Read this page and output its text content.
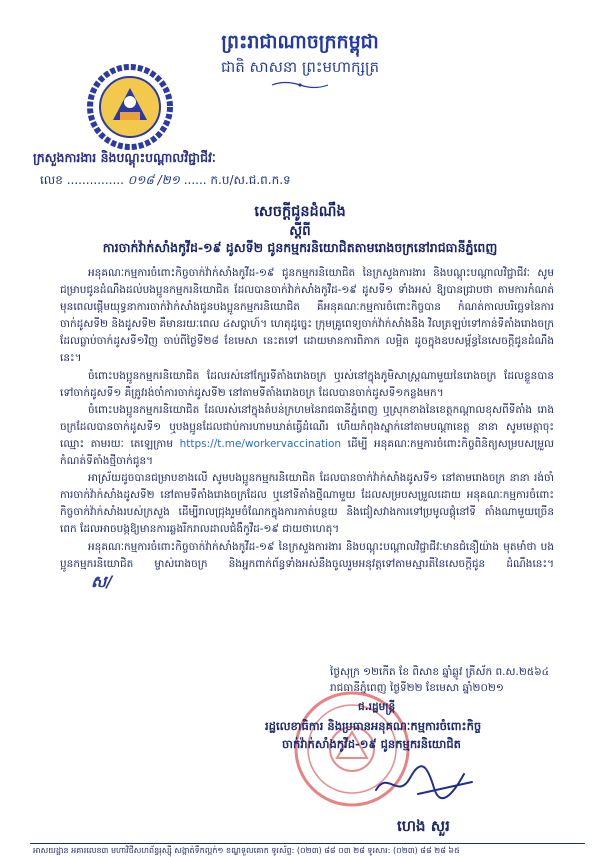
ព្រះរាជាណាចក្រកម្ពុជា
ជាតិ សាសនា ព្រះមហាក្សត្រ
ក្រសួងការងារ និងបណ្តុះបណ្តាលវិជ្ជាជីវៈ
លេខ ............... ០១៨ /២១ ...... ក.ប/ស.ជ.ព.ក.ទ
សេចក្តីជូនដំណឹង
ស្តីពី
ការចាក់វ៉ាក់សាំងកូវីដ-១៩ ដូសទី២ ជូនកម្មករនិយោជិតតាមរោងចក្រនៅរាជធានីភ្នំពេញ

អនុគណៈកម្មការចំពោះកិច្ចចាក់វ៉ាក់សាំងកូវីដ-១៩ ជូនកម្មករនិយោជិត នៃក្រសួងការងារ និងបណ្តុះបណ្តាលវិជ្ជាជីវៈ សូមជម្រាបជូនដំណឹងដល់បងប្អូនកម្មករនិយោជិត ដែលបានចាក់វ៉ាក់សាំងកូវីដ-១៩ ដូសទី១ ទាំងអស់ ឱ្យបានជ្រាបថា តាមការកំណត់មុនពេលផ្តើមយុទ្ធនាការចាក់វ៉ាក់សាំងជូនបងប្អូនកម្មករនិយោជិត គឺអនុគណៈកម្មការចំពោះកិច្ចបាន កំណត់កាលបរិច្ឆេទនៃការចាក់ដូសទី២ និងដូសទី២ គឺមានរយៈពេល ៤សប្តាហ៍។ ហេតុដូច្នេះ ក្រុមគ្រូពេទ្យចាក់វ៉ាក់សាំងនឹង វិលត្រឡប់ទៅកាន់ទីតាំងរោងចក្រ ដែលធ្លាប់ចាក់ដូសទី១វិញ ចាប់ពីថ្ងៃទី២៨ ខែមេសា នេះតទៅ ដោយមានការពិភាក លម្អិត ដូចក្នុងឧបសម្ព័ន្ធនៃសេចក្តីជូនដំណឹងនេះ។

ចំពោះបងប្អូនកម្មករនិយោជិត ដែលរស់នៅក្បែរទីតាំងរោងចក្រ ឬរស់នៅក្នុងភូមិសាស្ត្រណាមួយនៃរោងចក្រ ដែលខ្លួនបានទៅចាក់ដូសទី១ គឺត្រូវរង់ចាំការចាក់ដូសទី២ នៅតាមទីតាំងរោងចក្រ ដែលបានចាក់ដូសទី១កន្លងមក។

ចំពោះបងប្អូនកម្មករនិយោជិត ដែលរស់នៅក្នុងតំបន់ក្រហមនៃរាជធានីភ្នំពេញ ឬស្រុកខាងនៃខេត្តកណ្តាលខុសពីទីតាំង រោងចក្រដែលបានចាក់ដូសទី១ ឬបងប្អូនដែលជាប់ការហាមឃាត់ធ្វើដំណើរ ហើយកំពុងស្នាក់នៅតាមបណ្តាខេត្ត នានា សូមមេត្តាចុះឈ្មោះ តាមរយៈ តេឡេក្រាម https://t.me/workervaccination ដើម្បី អនុគណៈកម្មការចំពោះកិច្ចពិនិត្យសម្របសម្រួលកំណត់ទីតាំងថ្មីចាក់ជូន។

អាស្រ័យដូចបានជម្រាបខាងលើ សូមបងប្អូនកម្មករនិយោជិត ដែលបានចាក់វ៉ាក់សាំងដូសទី១ នៅតាមរោងចក្រ នានា រង់ចាំការចាក់វ៉ាក់សាំងដូសទី២ នៅតាមទីតាំងរោងចក្រដែល ឬនៅទីតាំងថ្មីណាមួយ ដែលសម្របសម្រួលដោយ អនុគណៈកម្មការចំពោះកិច្ចចាក់វ៉ាក់សាំងរបស់ក្រសួង ដើម្បីរាលជ្រុងរួមចំណែកក្នុងការកាត់បន្ថយ និងជៀសវាងការទៅប្រមូលផ្តុំនៅទី តាំងណាមួយច្រើនពេក ដែលអាចបង្កឱ្យមានការឆ្លងរីករាលដាលជំងឺកូវីដ-១៩ ជាយថាហេតុ។

អនុគណៈកម្មការចំពោះកិច្ចចាក់វ៉ាក់សាំងកូវីដ-១៩ នៃក្រសួងការងារ និងបណ្តុះបណ្តាលវិជ្ជាជីវៈមានជំនឿយ៉ាង មុតមាំថា បងប្អូនកម្មករនិយោជិត ម្ចាស់រោងចក្រ និងអ្នកពាក់ព័ន្ធទាំងអស់នឹងចូលរួមអនុវត្តទៅតាមស្មារតីនៃសេចក្តីជូន ដំណឹងនេះ។ ស/

ថ្ងៃសុក្រ ១២កើត ខែ ពិសាខ ឆ្នាំឆ្លូវ ត្រីស័ក ព.ស.២៥៦៤
រាជធានីភ្នំពេញ ថ្ងៃទី២២ ខែមេសា ឆ្នាំ២០២១
ជ.រដ្ឋមន្ត្រី
រដ្ឋលេខាធិការ និងប្រធានអនុគណៈកម្មការចំពោះកិច្ច
ចាក់វ៉ាក់សាំងកូវីដ-១៩ ជូនកម្មករនិយោជិត
ហេង សួរ
អាសយដ្ឋាន អគារលេខ៣ មហាវិថីសហព័ន្ធរុស្ស៊ី សង្កាត់ទឹកល្អក់១ ខណ្ឌទួលគោក ទូរស័ព្ទ: (០២៣) ៨៨ ០៣ ២៨ ទូរសារ: (០២៣) ៨៨ ២៨ ៦៥
